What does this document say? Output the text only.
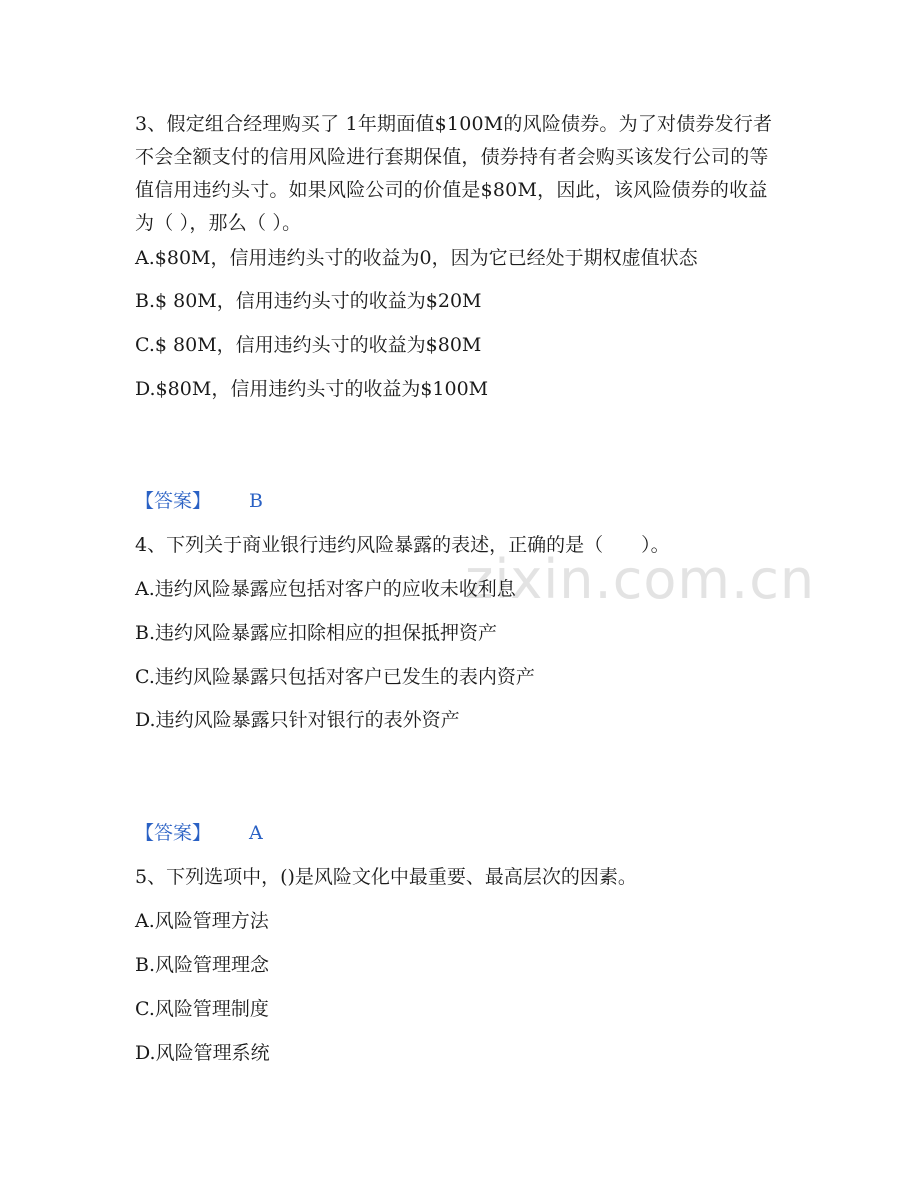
zixin.com.cn
3、假定组合经理购买了 1年期面值$100M的风险债券。为了对债券发行者不会全额支付的信用风险进行套期保值，债券持有者会购买该发行公司的等值信用违约头寸。如果风险公司的价值是$80M，因此，该风险债券的收益为（ ），那么（ ）。
A.$80M，信用违约头寸的收益为0，因为它已经处于期权虚值状态
B.$ 80M，信用违约头寸的收益为$20M
C.$ 80M，信用违约头寸的收益为$80M
D.$80M，信用违约头寸的收益为$100M
【答案】 B
4、下列关于商业银行违约风险暴露的表述，正确的是（　　）。
A.违约风险暴露应包括对客户的应收未收利息
B.违约风险暴露应扣除相应的担保抵押资产
C.违约风险暴露只包括对客户已发生的表内资产
D.违约风险暴露只针对银行的表外资产
【答案】 A
5、下列选项中，()是风险文化中最重要、最高层次的因素。
A.风险管理方法
B.风险管理理念
C.风险管理制度
D.风险管理系统
